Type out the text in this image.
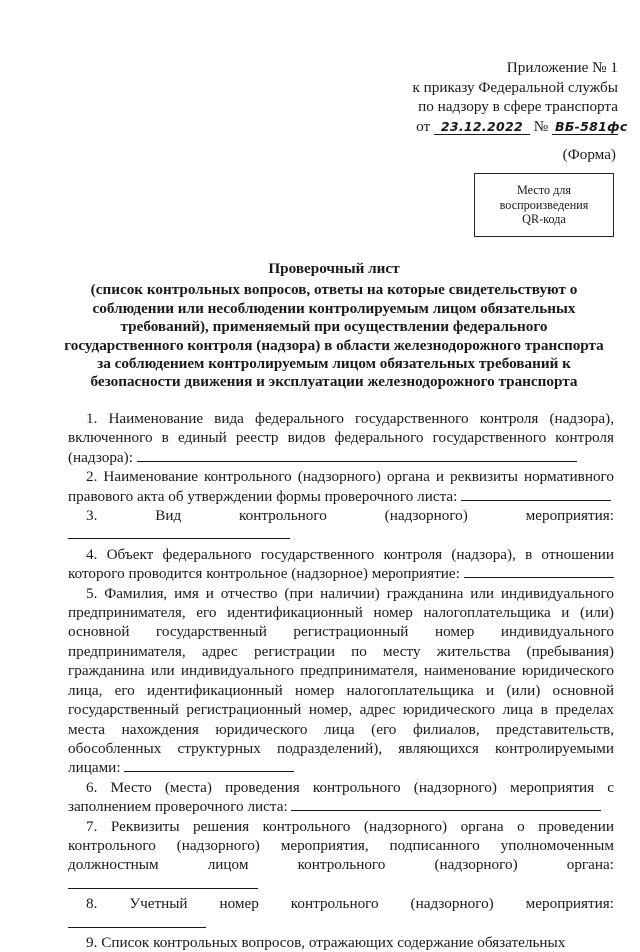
Приложение № 1
к приказу Федеральной службы
по надзору в сфере транспорта
от 23.12.2022 № ВБ-581фс
(Форма)
Место для
воспроизведения
QR-кода
Проверочный лист
(список контрольных вопросов, ответы на которые свидетельствуют о соблюдении или несоблюдении контролируемым лицом обязательных требований), применяемый при осуществлении федерального государственного контроля (надзора) в области железнодорожного транспорта за соблюдением контролируемым лицом обязательных требований к безопасности движения и эксплуатации железнодорожного транспорта
1. Наименование вида федерального государственного контроля (надзора), включенного в единый реестр видов федерального государственного контроля (надзора):
2. Наименование контрольного (надзорного) органа и реквизиты нормативного правового акта об утверждении формы проверочного листа:
3.	Вид контрольного (надзорного) мероприятия:
4. Объект федерального государственного контроля (надзора), в отношении которого проводится контрольное (надзорное) мероприятие:
5. Фамилия, имя и отчество (при наличии) гражданина или индивидуального предпринимателя, его идентификационный номер налогоплательщика и (или) основной государственный регистрационный номер индивидуального предпринимателя, адрес регистрации по месту жительства (пребывания) гражданина или индивидуального предпринимателя, наименование юридического лица, его идентификационный номер налогоплательщика и (или) основной государственный регистрационный номер, адрес юридического лица в пределах места нахождения юридического лица (его филиалов, представительств, обособленных структурных подразделений), являющихся контролируемыми лицами:
6. Место (места) проведения контрольного (надзорного) мероприятия с заполнением проверочного листа:
7. Реквизиты решения контрольного (надзорного) органа о проведении контрольного (надзорного) мероприятия, подписанного уполномоченным должностным лицом контрольного (надзорного) органа:
8. Учетный номер контрольного (надзорного) мероприятия:
9. Список контрольных вопросов, отражающих содержание обязательных
